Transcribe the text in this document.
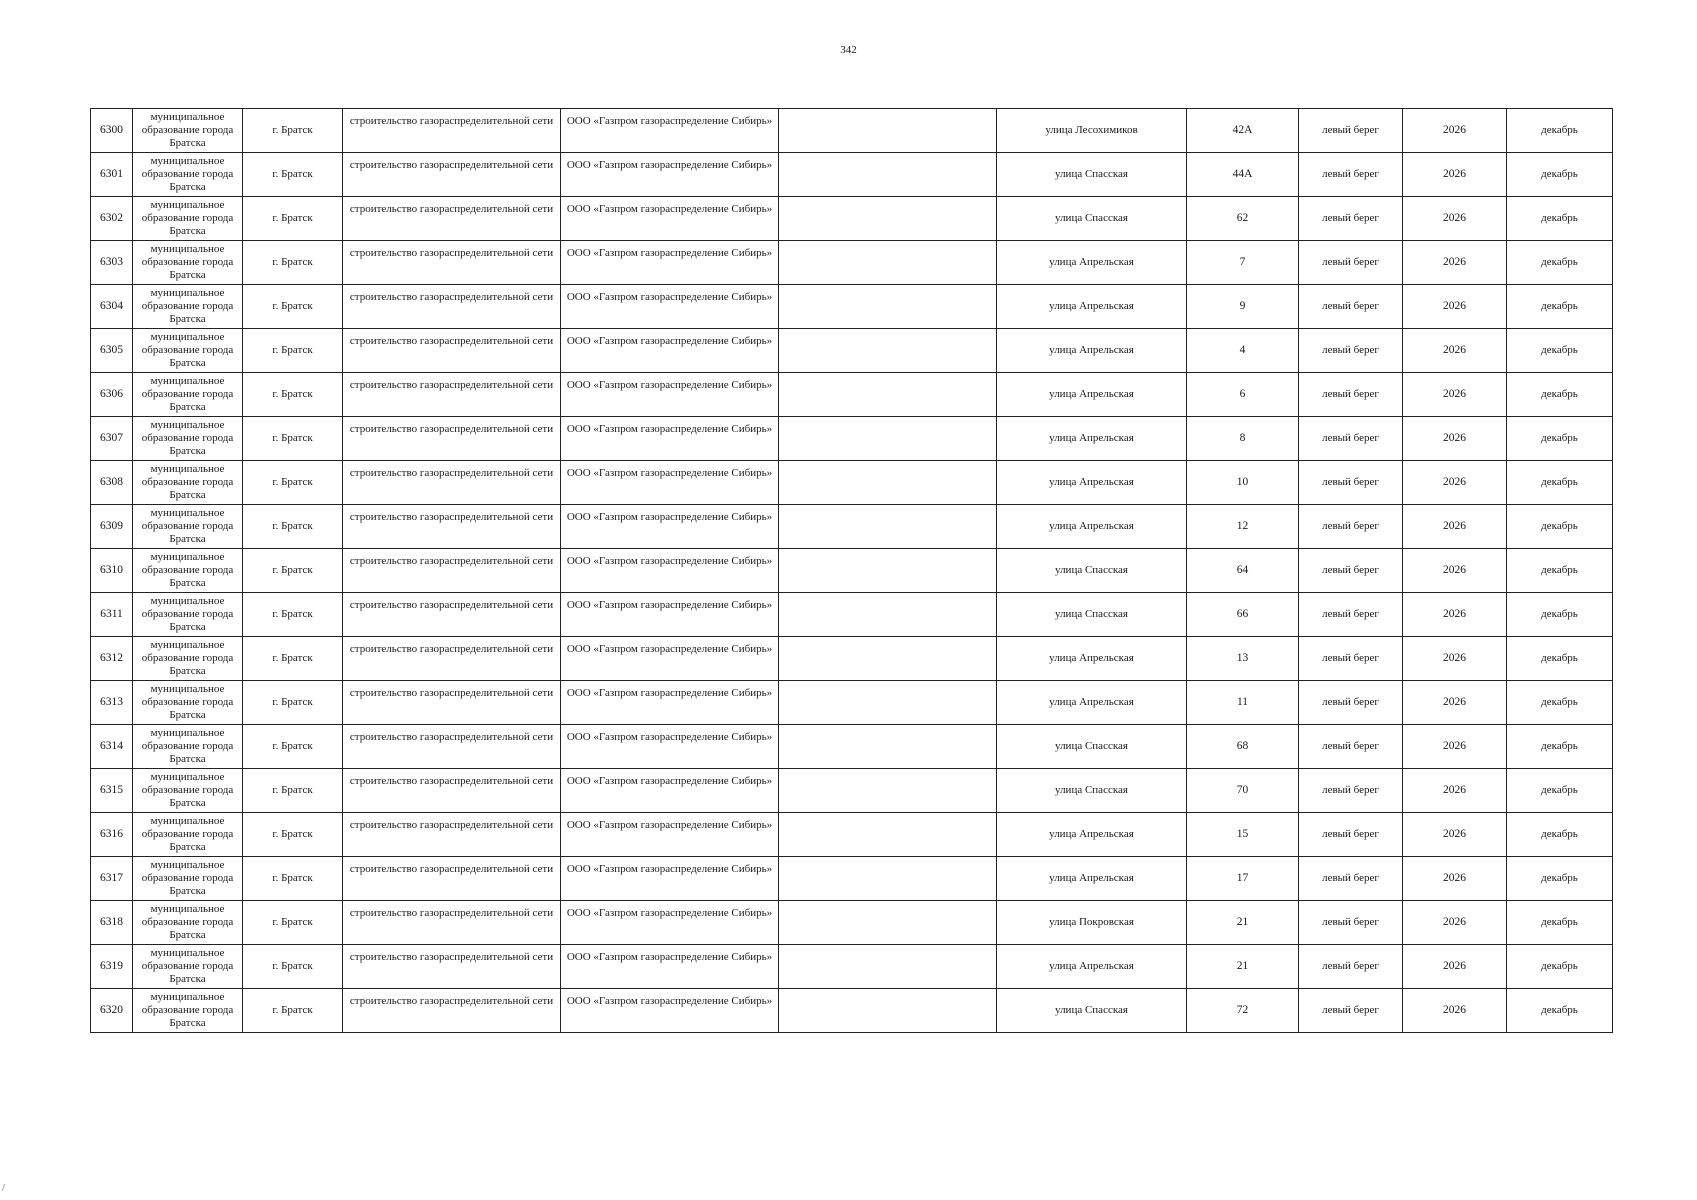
342
6300	муниципальное образование города Братска	г. Братск	строительство газораспределительной сети	ООО «Газпром газораспределение Сибирь»		улица Лесохимиков	42А	левый берег	2026	декабрь
6301	муниципальное образование города Братска	г. Братск	строительство газораспределительной сети	ООО «Газпром газораспределение Сибирь»		улица Спасская	44А	левый берег	2026	декабрь
6302	муниципальное образование города Братска	г. Братск	строительство газораспределительной сети	ООО «Газпром газораспределение Сибирь»		улица Спасская	62	левый берег	2026	декабрь
6303	муниципальное образование города Братска	г. Братск	строительство газораспределительной сети	ООО «Газпром газораспределение Сибирь»		улица Апрельская	7	левый берег	2026	декабрь
6304	муниципальное образование города Братска	г. Братск	строительство газораспределительной сети	ООО «Газпром газораспределение Сибирь»		улица Апрельская	9	левый берег	2026	декабрь
6305	муниципальное образование города Братска	г. Братск	строительство газораспределительной сети	ООО «Газпром газораспределение Сибирь»		улица Апрельская	4	левый берег	2026	декабрь
6306	муниципальное образование города Братска	г. Братск	строительство газораспределительной сети	ООО «Газпром газораспределение Сибирь»		улица Апрельская	6	левый берег	2026	декабрь
6307	муниципальное образование города Братска	г. Братск	строительство газораспределительной сети	ООО «Газпром газораспределение Сибирь»		улица Апрельская	8	левый берег	2026	декабрь
6308	муниципальное образование города Братска	г. Братск	строительство газораспределительной сети	ООО «Газпром газораспределение Сибирь»		улица Апрельская	10	левый берег	2026	декабрь
6309	муниципальное образование города Братска	г. Братск	строительство газораспределительной сети	ООО «Газпром газораспределение Сибирь»		улица Апрельская	12	левый берег	2026	декабрь
6310	муниципальное образование города Братска	г. Братск	строительство газораспределительной сети	ООО «Газпром газораспределение Сибирь»		улица Спасская	64	левый берег	2026	декабрь
6311	муниципальное образование города Братска	г. Братск	строительство газораспределительной сети	ООО «Газпром газораспределение Сибирь»		улица Спасская	66	левый берег	2026	декабрь
6312	муниципальное образование города Братска	г. Братск	строительство газораспределительной сети	ООО «Газпром газораспределение Сибирь»		улица Апрельская	13	левый берег	2026	декабрь
6313	муниципальное образование города Братска	г. Братск	строительство газораспределительной сети	ООО «Газпром газораспределение Сибирь»		улица Апрельская	11	левый берег	2026	декабрь
6314	муниципальное образование города Братска	г. Братск	строительство газораспределительной сети	ООО «Газпром газораспределение Сибирь»		улица Спасская	68	левый берег	2026	декабрь
6315	муниципальное образование города Братска	г. Братск	строительство газораспределительной сети	ООО «Газпром газораспределение Сибирь»		улица Спасская	70	левый берег	2026	декабрь
6316	муниципальное образование города Братска	г. Братск	строительство газораспределительной сети	ООО «Газпром газораспределение Сибирь»		улица Апрельская	15	левый берег	2026	декабрь
6317	муниципальное образование города Братска	г. Братск	строительство газораспределительной сети	ООО «Газпром газораспределение Сибирь»		улица Апрельская	17	левый берег	2026	декабрь
6318	муниципальное образование города Братска	г. Братск	строительство газораспределительной сети	ООО «Газпром газораспределение Сибирь»		улица Покровская	21	левый берег	2026	декабрь
6319	муниципальное образование города Братска	г. Братск	строительство газораспределительной сети	ООО «Газпром газораспределение Сибирь»		улица Апрельская	21	левый берег	2026	декабрь
6320	муниципальное образование города Братска	г. Братск	строительство газораспределительной сети	ООО «Газпром газораспределение Сибирь»		улица Спасская	72	левый берег	2026	декабрь
/
